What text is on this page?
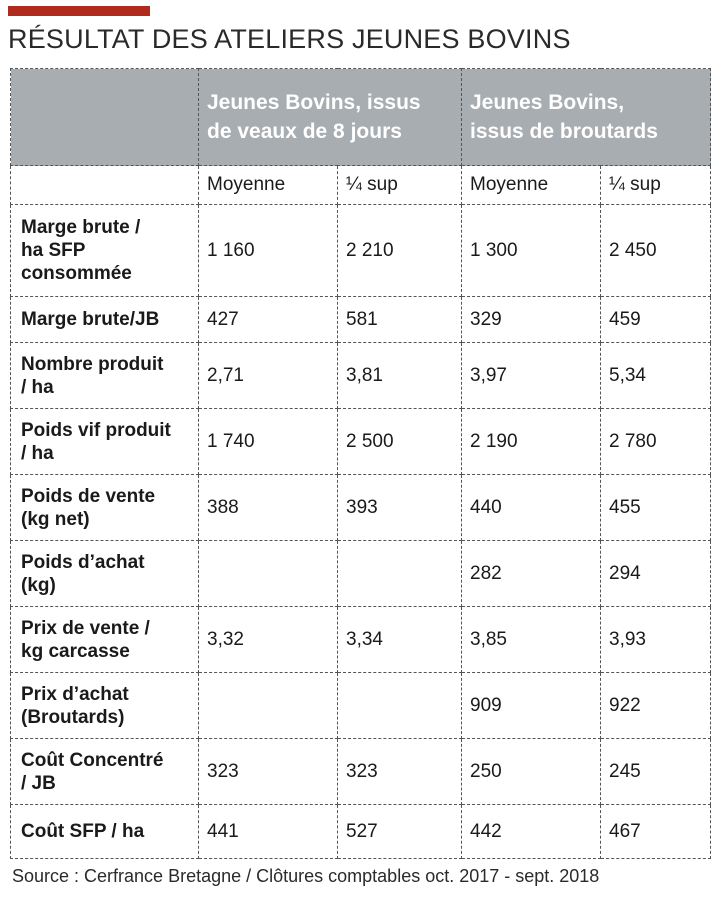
RÉSULTAT DES ATELIERS JEUNES BOVINS
	Jeunes Bovins, issus
de veaux de 8 jours		Jeunes Bovins,
issus de broutards	
	Moyenne	¼ sup	Moyenne	¼ sup
Marge brute /
ha SFP
consommée	1 160	2 210	1 300	2 450
Marge brute/JB	427	581	329	459
Nombre produit
/ ha	2,71	3,81	3,97	5,34
Poids vif produit
/ ha	1 740	2 500	2 190	2 780
Poids de vente
(kg net)	388	393	440	455
Poids d’achat
(kg)			282	294
Prix de vente /
kg carcasse	3,32	3,34	3,85	3,93
Prix d’achat
(Broutards)			909	922
Coût Concentré
/ JB	323	323	250	245
Coût SFP / ha	441	527	442	467
Source : Cerfrance Bretagne / Clôtures comptables oct. 2017 - sept. 2018
